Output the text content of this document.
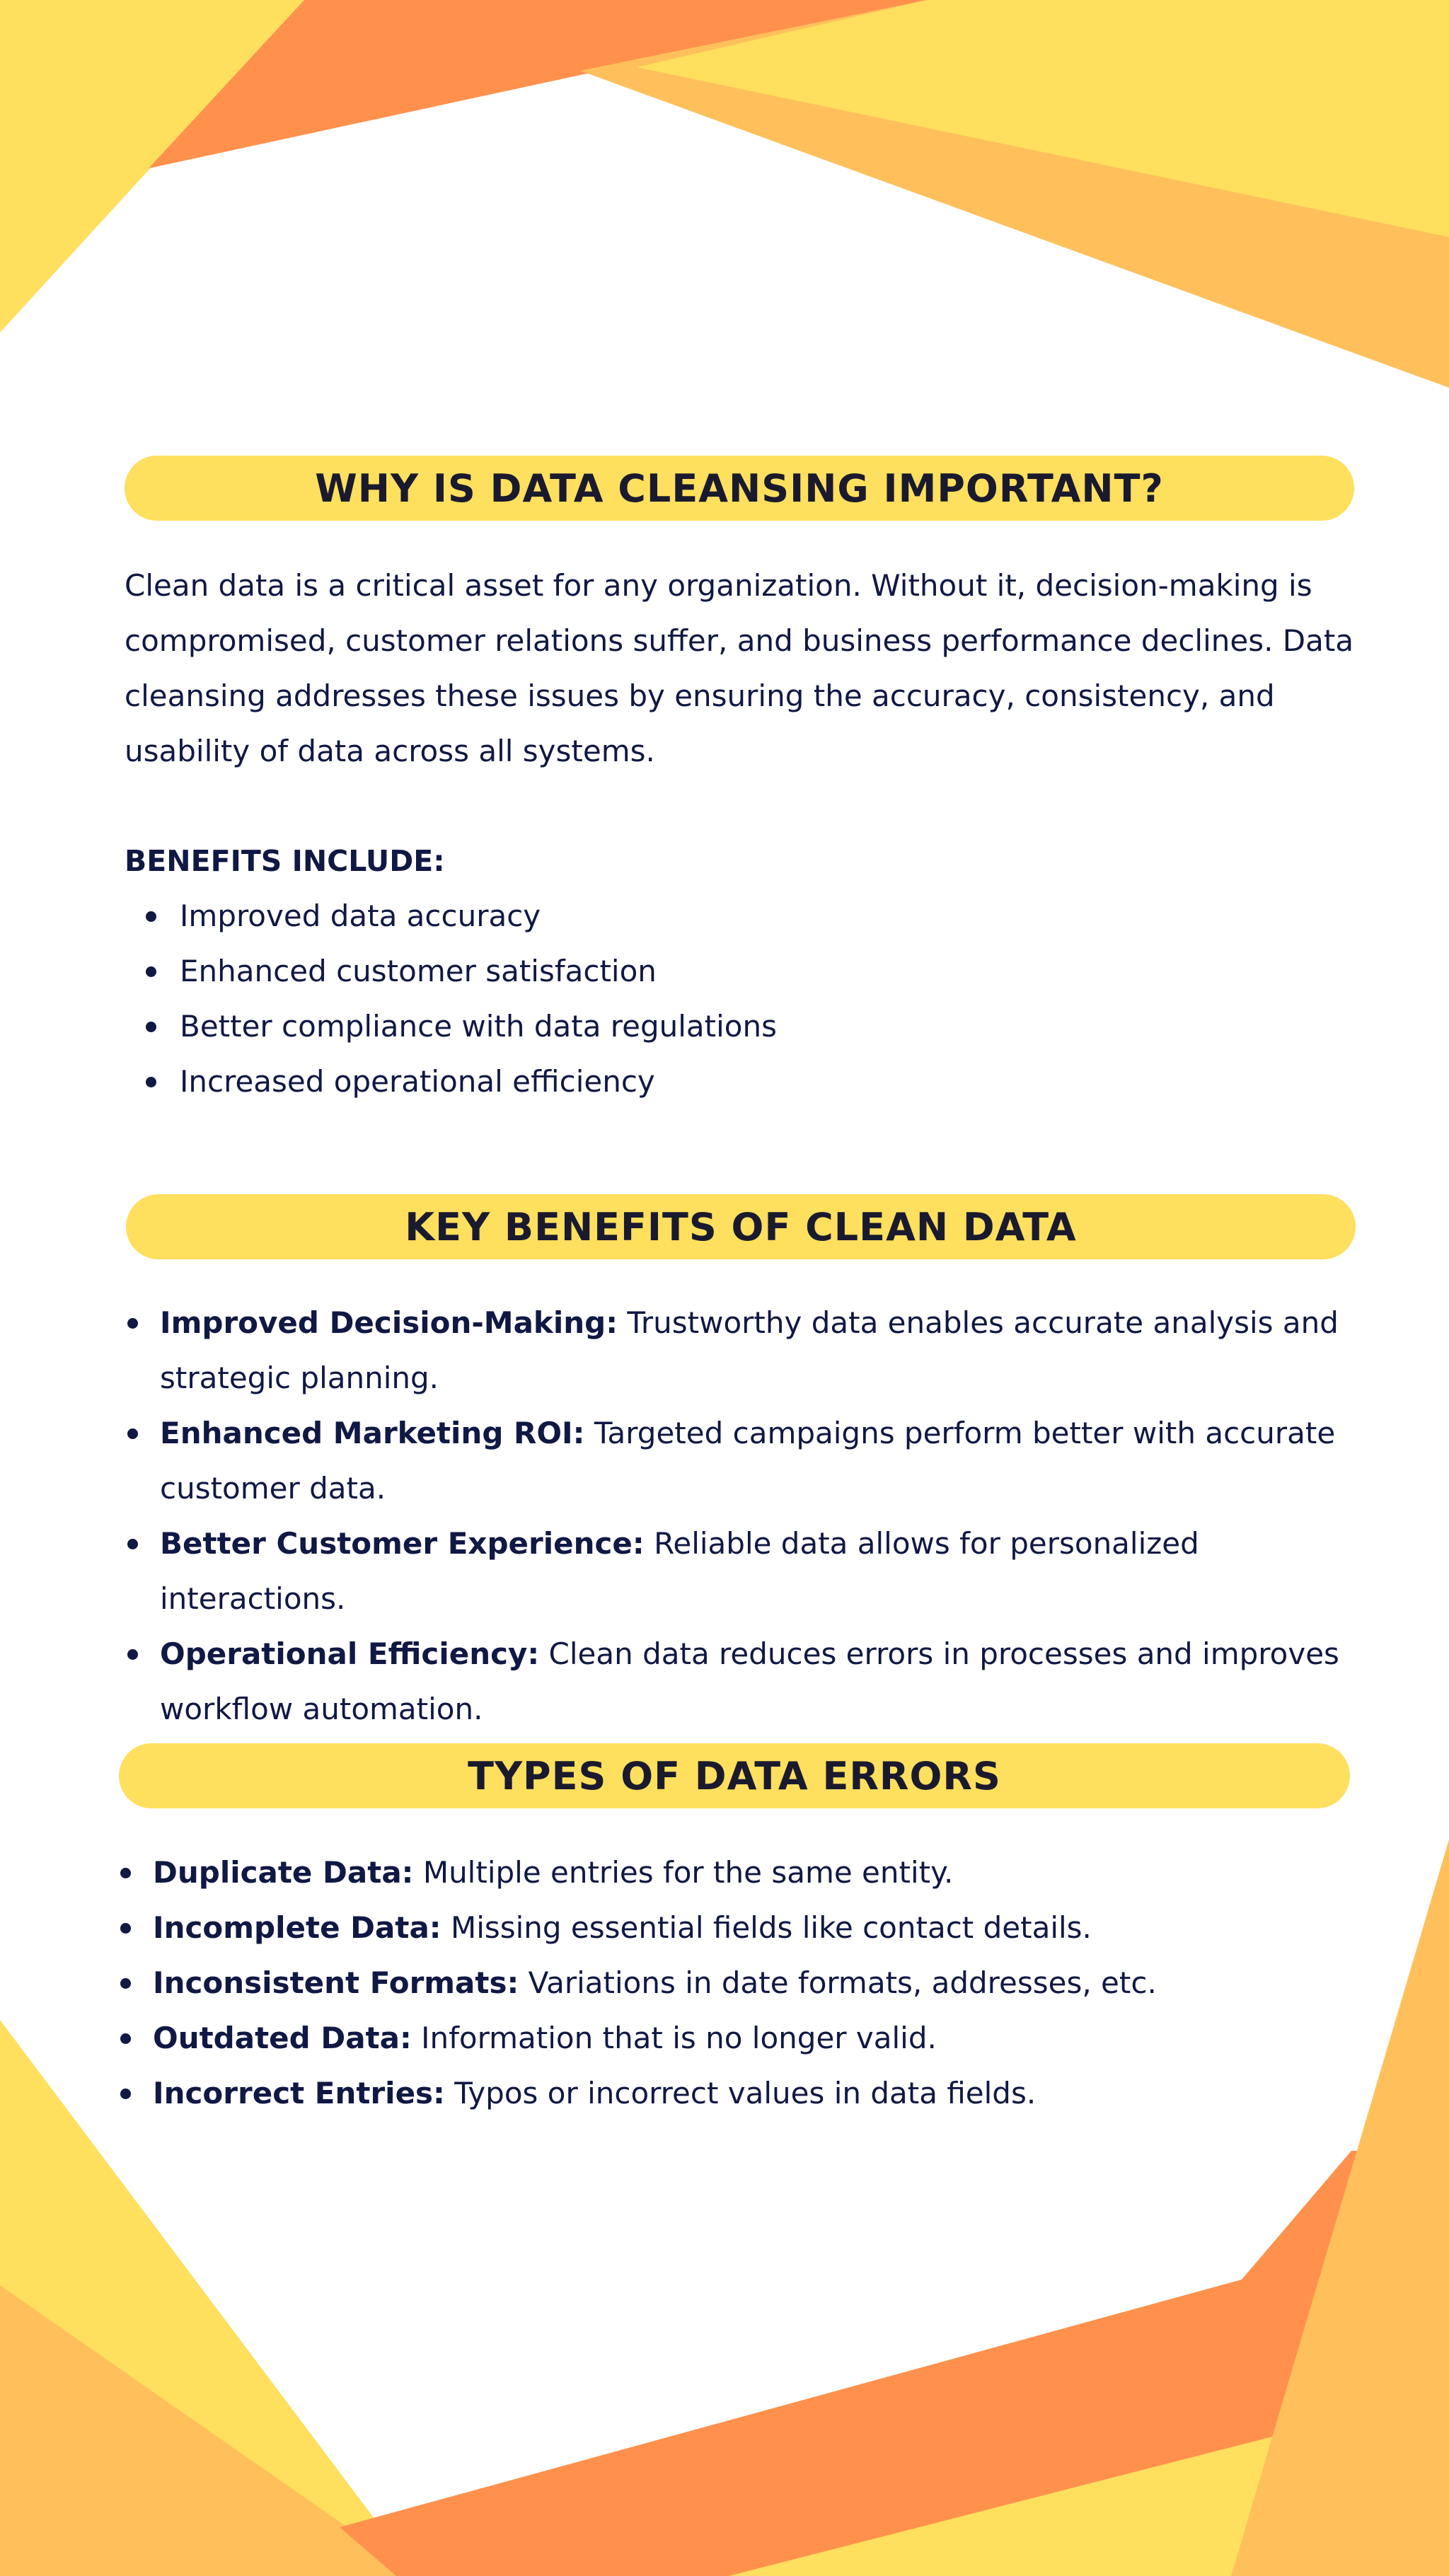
WHY IS DATA CLEANSING IMPORTANT?

Clean data is a critical asset for any organization. Without it, decision-making is compromised, customer relations suffer, and business performance declines. Data cleansing addresses these issues by ensuring the accuracy, consistency, and usability of data across all systems.

BENEFITS INCLUDE:
Improved data accuracy
Enhanced customer satisfaction
Better compliance with data regulations
Increased operational efficiency
KEY BENEFITS OF CLEAN DATA
Improved Decision-Making: Trustworthy data enables accurate analysis and strategic planning.
Enhanced Marketing ROI: Targeted campaigns perform better with accurate customer data.
Better Customer Experience: Reliable data allows for personalized interactions.
Operational Efficiency: Clean data reduces errors in processes and improves workflow automation.
TYPES OF DATA ERRORS
Duplicate Data: Multiple entries for the same entity.
Incomplete Data: Missing essential fields like contact details.
Inconsistent Formats: Variations in date formats, addresses, etc.
Outdated Data: Information that is no longer valid.
Incorrect Entries: Typos or incorrect values in data fields.
